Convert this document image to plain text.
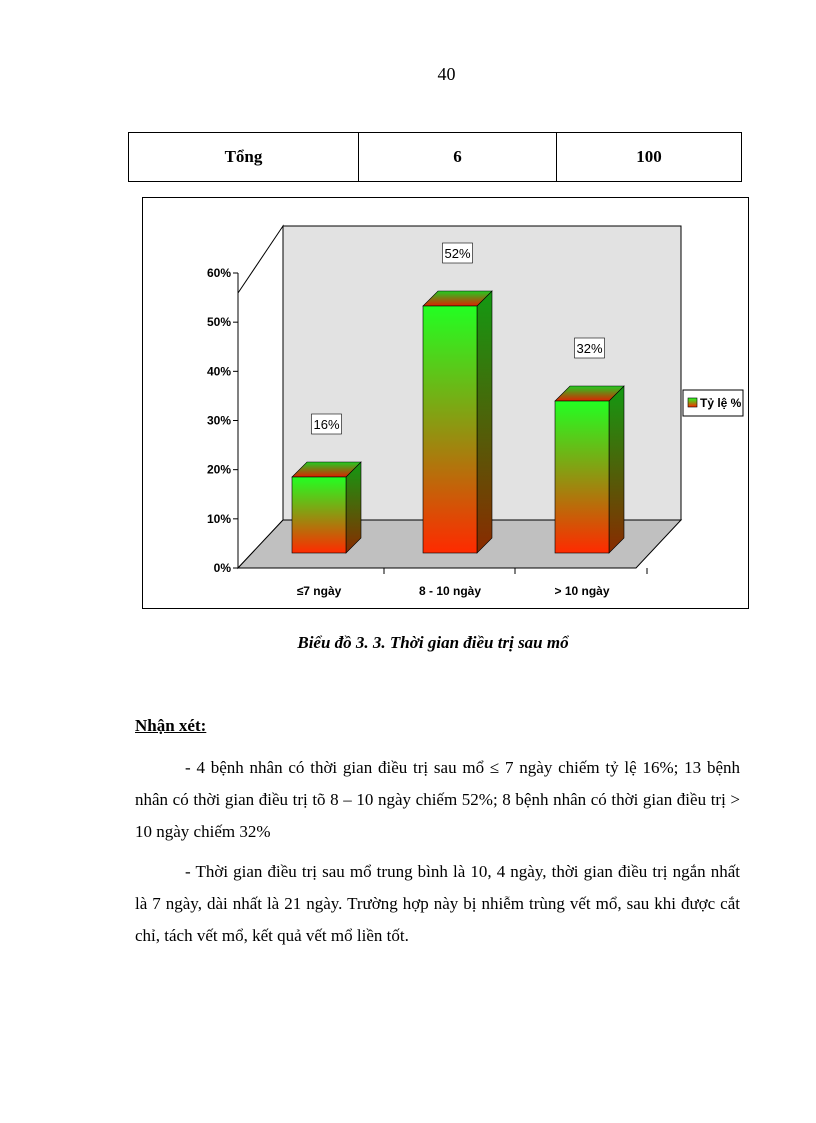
40
Tổng	6	100
0%
10%
20%
30%
40%
50%
60%
16%
≤7 ngày
52%
8 - 10 ngày
32%
> 10 ngày
Tỷ lệ %
Biểu đồ 3. 3. Thời gian điều trị sau mổ
Nhận xét:

- 4 bệnh nhân có thời gian điều trị sau mổ ≤ 7 ngày chiếm tỷ lệ 16%; 13 bệnh nhân có thời gian điều trị tõ 8 – 10 ngày chiếm 52%; 8 bệnh nhân có thời gian điều trị > 10 ngày chiếm 32%

- Thời gian điều trị sau mổ trung bình là 10, 4 ngày, thời gian điều trị ngắn nhất là 7 ngày, dài nhất là 21 ngày. Trường hợp này bị nhiễm trùng vết mổ, sau khi được cắt chỉ, tách vết mổ, kết quả vết mổ liền tốt.
